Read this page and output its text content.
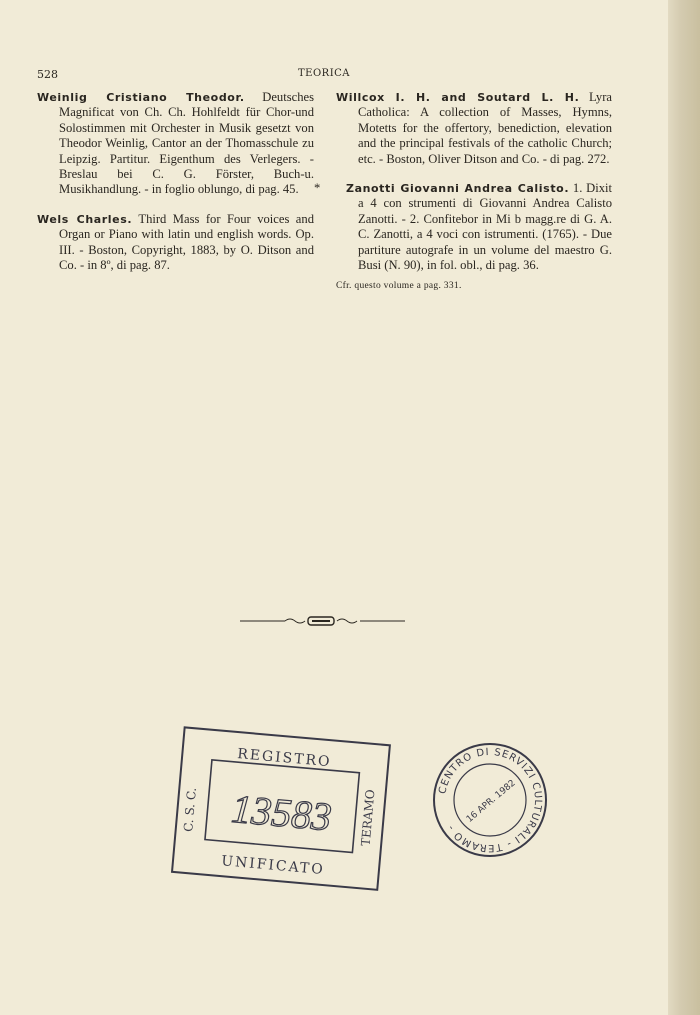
528	TEORICA

Weinlig Cristiano Theodor. Deutsches Magnificat von Ch. Ch. Hohlfeldt für Chor-und Solostimmen mit Orchester in Musik gesetzt von Theodor Weinlig, Cantor an der Thomasschule zu Leipzig. Partitur. Eigenthum des Verlegers. - Breslau bei C. G. Förster, Buch-u. Musikhandlung. - in foglio oblungo, di pag. 45.

Wels Charles. Third Mass for Four voices and Organ or Piano with latin und english words. Op. III. - Boston, Copyright, 1883, by O. Ditson and Co. - in 8º, di pag. 87.

Willcox I. H. and Soutard L. H. Lyra Catholica: A collection of Masses, Hymns, Motetts for the offertory, benediction, elevation and the principal festivals of the catholic Church; etc. - Boston, Oliver Ditson and Co. - di pag. 272.

* Zanotti Giovanni Andrea Calisto. 1. Dixit a 4 con strumenti di Giovanni Andrea Calisto Zanotti. - 2. Confitebor in Mi b magg.re di G. A. C. Zanotti, a 4 voci con istrumenti. (1765). - Due partiture autografe in un volume del maestro G. Busi (N. 90), in fol. obl., di pag. 36.

Cfr. questo volume a pag. 331.
REGISTRO
C. S. C.	TERAMO
UNIFICATO
13583	CENTRO DI SERVIZI CULTURALI - TERAMO -
16 APR. 1982
